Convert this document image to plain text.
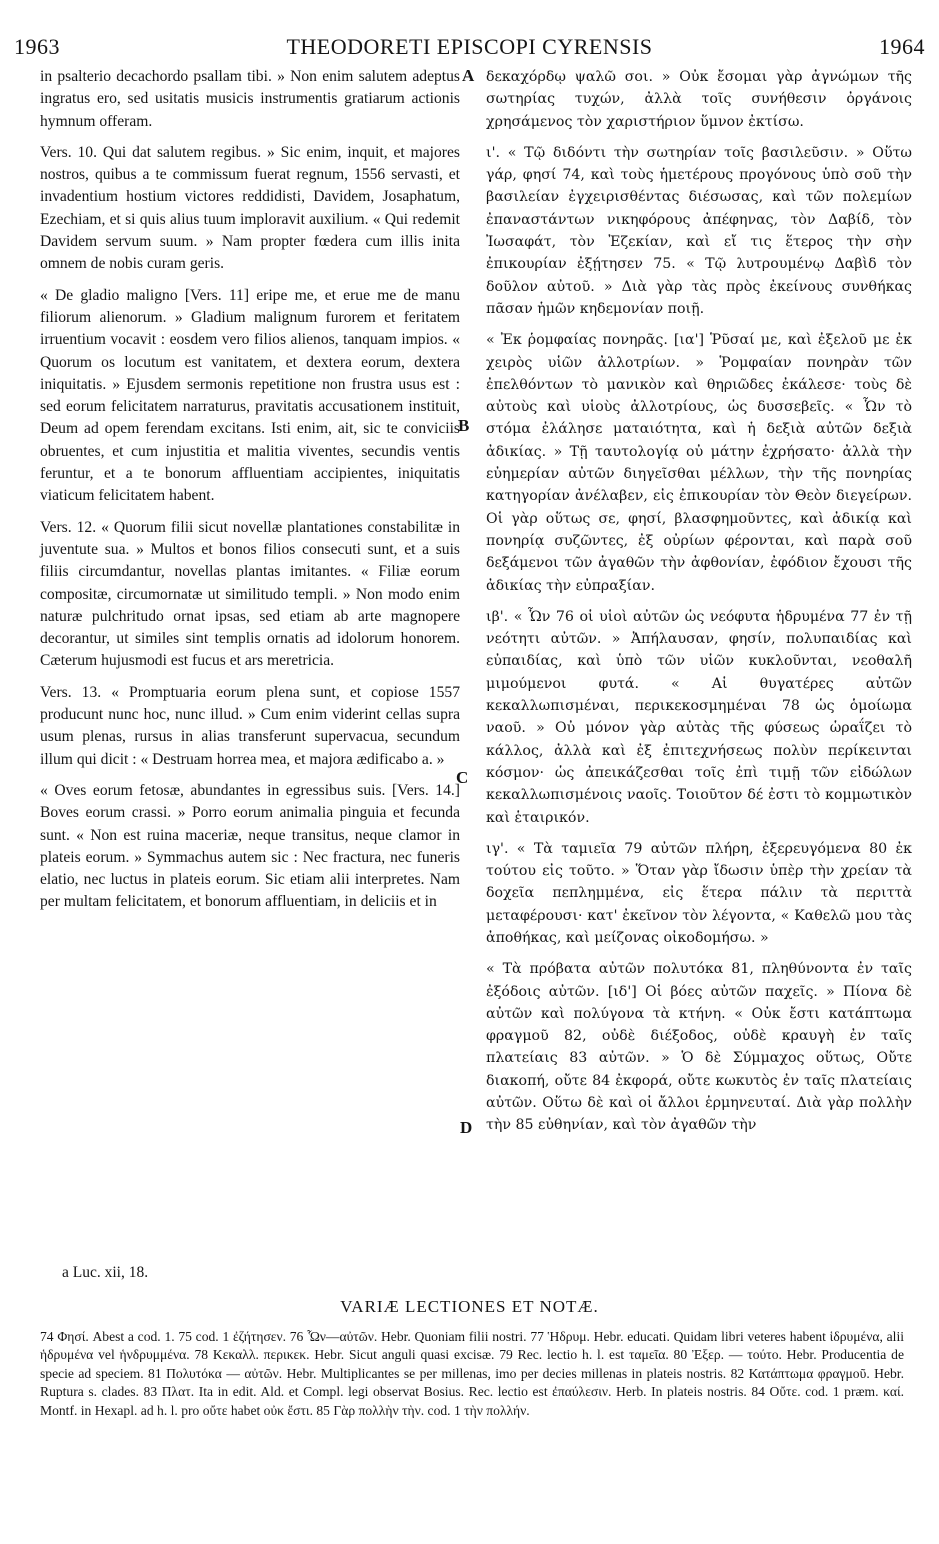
1963	THEODORETI EPISCOPI CYRENSIS	1964
A
B
C
D

in psalterio decachordo psallam tibi. » Non enim salutem adeptus ingratus ero, sed usitatis musicis instrumentis gratiarum actionis hymnum offeram.

Vers. 10. Qui dat salutem regibus. » Sic enim, inquit, et majores nostros, quibus a te commissum fuerat regnum, 1556 servasti, et invadentium hostium victores reddidisti, Davidem, Josaphatum, Ezechiam, et si quis alius tuum imploravit auxilium. « Qui redemit Davidem servum suum. » Nam propter fœdera cum illis inita omnem de nobis curam geris.

« De gladio maligno [Vers. 11] eripe me, et erue me de manu filiorum alienorum. » Gladium malignum furorem et feritatem irruentium vocavit : eosdem vero filios alienos, tanquam impios. « Quorum os locutum est vanitatem, et dextera eorum, dextera iniquitatis. » Ejusdem sermonis repetitione non frustra usus est : sed eorum felicitatem narraturus, pravitatis accusationem instituit, Deum ad opem ferendam excitans. Isti enim, ait, sic te conviciis obruentes, et cum injustitia et malitia viventes, secundis ventis feruntur, et a te bonorum affluentiam accipientes, iniquitatis viaticum felicitatem habent.

Vers. 12. « Quorum filii sicut novellæ plantationes constabilitæ in juventute sua. » Multos et bonos filios consecuti sunt, et a suis filiis circumdantur, novellas plantas imitantes. « Filiæ eorum compositæ, circumornatæ ut similitudo templi. » Non modo enim naturæ pulchritudo ornat ipsas, sed etiam ab arte magnopere decorantur, ut similes sint templis ornatis ad idolorum honorem. Cæterum hujusmodi est fucus et ars meretricia.

Vers. 13. « Promptuaria eorum plena sunt, et copiose 1557 producunt nunc hoc, nunc illud. » Cum enim viderint cellas supra usum plenas, rursus in alias transferunt supervacua, secundum illum qui dicit : « Destruam horrea mea, et majora ædificabo a. »

« Oves eorum fetosæ, abundantes in egressibus suis. [Vers. 14.] Boves eorum crassi. » Porro eorum animalia pinguia et fecunda sunt. « Non est ruina maceriæ, neque transitus, neque clamor in plateis eorum. » Symmachus autem sic : Nec fractura, nec funeris elatio, nec luctus in plateis eorum. Sic etiam alii interpretes. Nam per multam felicitatem, et bonorum affluentiam, in deliciis et in

δεκαχόρδῳ ψαλῶ σοι. » Οὐκ ἔσομαι γὰρ ἀγνώμων τῆς σωτηρίας τυχών, ἀλλὰ τοῖς συνήθεσιν ὀργάνοις χρησάμενος τὸν χαριστήριον ὕμνον ἐκτίσω.

ι'. « Τῷ διδόντι τὴν σωτηρίαν τοῖς βασιλεῦσιν. » Οὕτω γάρ, φησί 74, καὶ τοὺς ἡμετέρους προγόνους ὑπὸ σοῦ τὴν βασιλείαν ἐγχειρισθέντας διέσωσας, καὶ τῶν πολεμίων ἐπαναστάντων νικηφόρους ἀπέφηνας, τὸν Δαβίδ, τὸν Ἰωσαφάτ, τὸν Ἐζεκίαν, καὶ εἴ τις ἕτερος τὴν σὴν ἐπικουρίαν ἐξῄτησεν 75. « Τῷ λυτρουμένῳ Δαβὶδ τὸν δοῦλον αὐτοῦ. » Διὰ γὰρ τὰς πρὸς ἐκείνους συνθήκας πᾶσαν ἡμῶν κηδεμονίαν ποιῇ.

« Ἐκ ῥομφαίας πονηρᾶς. [ια'] Ῥῦσαί με, καὶ ἐξελοῦ με ἐκ χειρὸς υἱῶν ἀλλοτρίων. » Ῥομφαίαν πονηρὰν τῶν ἐπελθόντων τὸ μανικὸν καὶ θηριῶδες ἐκάλεσε· τοὺς δὲ αὐτοὺς καὶ υἱοὺς ἀλλοτρίους, ὡς δυσσεβεῖς. « Ὧν τὸ στόμα ἐλάλησε ματαιότητα, καὶ ἡ δεξιὰ αὐτῶν δεξιὰ ἀδικίας. » Τῇ ταυτολογίᾳ οὐ μάτην ἐχρήσατο· ἀλλὰ τὴν εὐημερίαν αὐτῶν διηγεῖσθαι μέλλων, τὴν τῆς πονηρίας κατηγορίαν ἀνέλαβεν, εἰς ἐπικουρίαν τὸν Θεὸν διεγείρων. Οἱ γὰρ οὕτως σε, φησί, βλασφημοῦντες, καὶ ἀδικίᾳ καὶ πονηρίᾳ συζῶντες, ἐξ οὐρίων φέρονται, καὶ παρὰ σοῦ δεξάμενοι τῶν ἀγαθῶν τὴν ἀφθονίαν, ἐφόδιον ἔχουσι τῆς ἀδικίας τὴν εὐπραξίαν.

ιβ'. « Ὧν 76 οἱ υἱοὶ αὐτῶν ὡς νεόφυτα ἡδρυμένα 77 ἐν τῇ νεότητι αὐτῶν. » Ἀπήλαυσαν, φησίν, πολυπαιδίας καὶ εὐπαιδίας, καὶ ὑπὸ τῶν υἱῶν κυκλοῦνται, νεοθαλῆ μιμούμενοι φυτά. « Αἱ θυγατέρες αὐτῶν κεκαλλωπισμέναι, περικεκοσμημέναι 78 ὡς ὁμοίωμα ναοῦ. » Οὐ μόνον γὰρ αὐτὰς τῆς φύσεως ὡραΐζει τὸ κάλλος, ἀλλὰ καὶ ἐξ ἐπιτεχνήσεως πολὺν περίκεινται κόσμον· ὡς ἀπεικάζεσθαι τοῖς ἐπὶ τιμῇ τῶν εἰδώλων κεκαλλωπισμένοις ναοῖς. Τοιοῦτον δέ ἐστι τὸ κομμωτικὸν καὶ ἑταιρικόν.

ιγ'. « Τὰ ταμιεῖα 79 αὐτῶν πλήρη, ἐξερευγόμενα 80 ἐκ τούτου εἰς τοῦτο. » Ὅταν γὰρ ἴδωσιν ὑπὲρ τὴν χρείαν τὰ δοχεῖα πεπλημμένα, εἰς ἕτερα πάλιν τὰ περιττὰ μεταφέρουσι· κατ' ἐκεῖνον τὸν λέγοντα, « Καθελῶ μου τὰς ἀποθήκας, καὶ μείζονας οἰκοδομήσω. »

« Τὰ πρόβατα αὐτῶν πολυτόκα 81, πληθύνοντα ἐν ταῖς ἐξόδοις αὐτῶν. [ιδ'] Οἱ βόες αὐτῶν παχεῖς. » Πίονα δὲ αὐτῶν καὶ πολύγονα τὰ κτήνη. « Οὐκ ἔστι κατάπτωμα φραγμοῦ 82, οὐδὲ διέξοδος, οὐδὲ κραυγὴ ἐν ταῖς πλατείαις 83 αὐτῶν. » Ὁ δὲ Σύμμαχος οὕτως, Οὔτε διακοπή, οὔτε 84 ἐκφορά, οὔτε κωκυτὸς ἐν ταῖς πλατείαις αὐτῶν. Οὕτω δὲ καὶ οἱ ἄλλοι ἑρμηνευταί. Διὰ γὰρ πολλὴν τὴν 85 εὐθηνίαν, καὶ τὸν ἀγαθῶν τὴν

a Luc. xii, 18.
VARIÆ LECTIONES ET NOTÆ.

74 Φησί. Abest a cod. 1. 75 cod. 1 ἐζήτησεν. 76 Ὧν—αὐτῶν. Hebr. Quoniam filii nostri. 77 Ἡδρυμ. Hebr. educati. Quidam libri veteres habent ἱδρυμένα, alii ἡδρυμένα vel ἡνδρυμμένα. 78 Κεκαλλ. περικεκ. Hebr. Sicut anguli quasi excisæ. 79 Rec. lectio h. l. est ταμεῖα. 80 Ἐξερ. — τούτο. Hebr. Producentia de specie ad speciem. 81 Πολυτόκα — αὐτῶν. Hebr. Multiplicantes se per millenas, imo per decies millenas in plateis nostris. 82 Κατάπτωμα φραγμοῦ. Hebr. Ruptura s. clades. 83 Πλατ. Ita in edit. Ald. et Compl. legi observat Bosius. Rec. lectio est ἐπαύλεσιν. Herb. In plateis nostris. 84 Οὔτε. cod. 1 præm. καί. Montf. in Hexapl. ad h. l. pro οὔτε habet οὐκ ἔστι. 85 Γὰρ πολλὴν τὴν. cod. 1 τὴν πολλήν.
